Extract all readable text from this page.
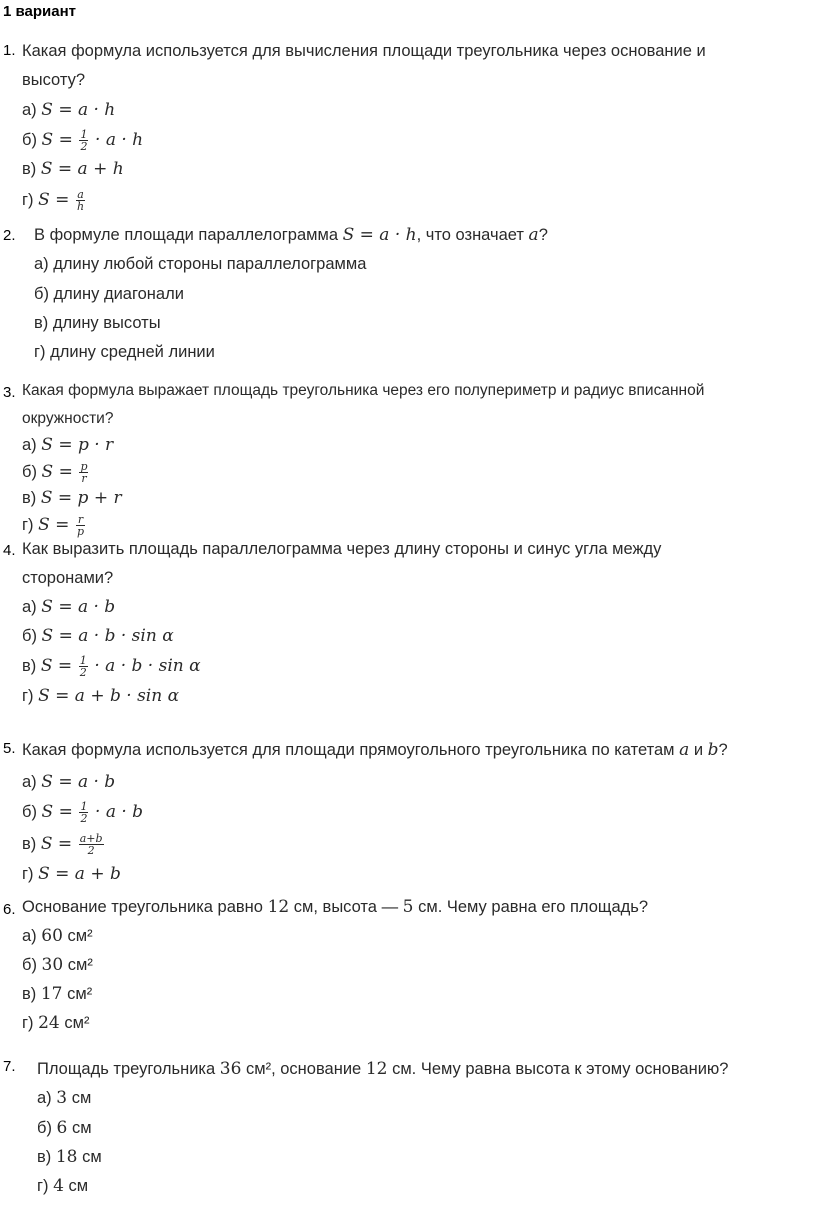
1 вариант
1. Какая формула используется для вычисления площади треугольника через основание и высоту?
а) S = a · h
б) $S = \frac{1}{2} \cdot a \cdot h$
в) S = a + h
г) $S = \frac{a}{h}$
2. В формуле площади параллелограмма S = a · h, что означает a?
а) длину любой стороны параллелограмма
б) длину диагонали
в) длину высоты
г) длину средней линии
3. Какая формула выражает площадь треугольника через его полупериметр и радиус вписанной
окружности?
а) S = p · r
б) $S = \frac{p}{r}$
в) S = p + r
г) $S = \frac{r}{p}$
4. Как выразить площадь параллелограмма через длину стороны и синус угла между
сторонами?
а) S = a · b
б) S = a · b · sin α
в) $S = \frac{1}{2} \cdot a \cdot b \cdot \sin \alpha$
г) S = a + b · sin α
5. Какая формула используется для площади прямоугольного треугольника по катетам a и b?
а) S = a · b
б) $S = \frac{1}{2} \cdot a \cdot b$
в) $S = \frac{a+b}{2}$
г) S = a + b
6. Основание треугольника равно 12 см, высота — 5 см. Чему равна его площадь?
а) 60 см²
б) 30 см²
в) 17 см²
г) 24 см²
7. Площадь треугольника 36 см², основание 12 см. Чему равна высота к этому основанию?
а) 3 см
б) 6 см
в) 18 см
г) 4 см
